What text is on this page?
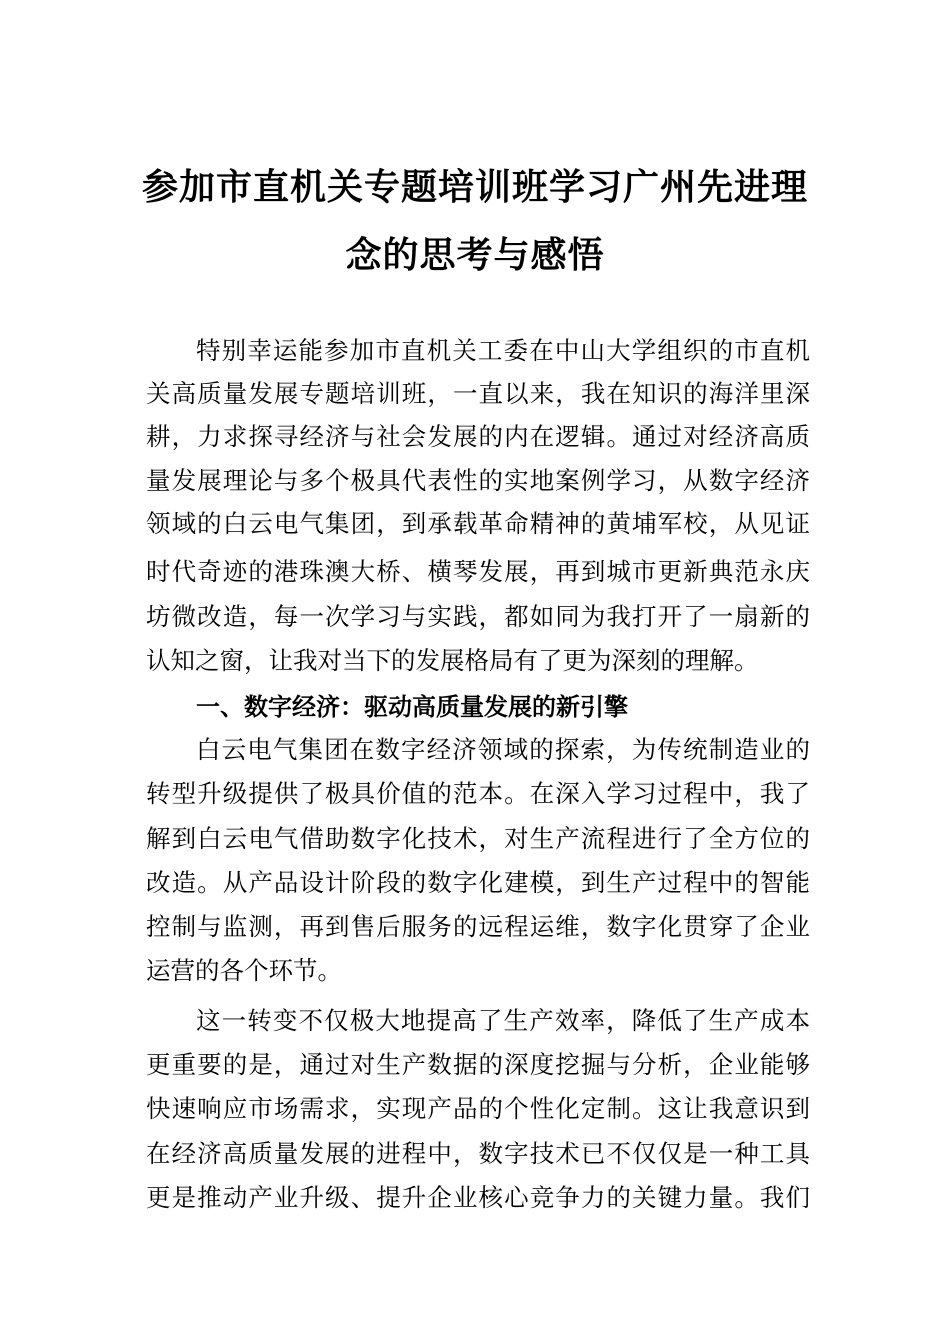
参加市直机关专题培训班学习广州先进理
念的思考与感悟
特别幸运能参加市直机关工委在中山大学组织的市直机
关高质量发展专题培训班，一直以来，我在知识的海洋里深
耕，力求探寻经济与社会发展的内在逻辑。通过对经济高质
量发展理论与多个极具代表性的实地案例学习，从数字经济
领域的白云电气集团，到承载革命精神的黄埔军校，从见证
时代奇迹的港珠澳大桥、横琴发展，再到城市更新典范永庆
坊微改造，每一次学习与实践，都如同为我打开了一扇新的
认知之窗，让我对当下的发展格局有了更为深刻的理解。
一、数字经济：驱动高质量发展的新引擎
白云电气集团在数字经济领域的探索，为传统制造业的
转型升级提供了极具价值的范本。在深入学习过程中，我了
解到白云电气借助数字化技术，对生产流程进行了全方位的
改造。从产品设计阶段的数字化建模，到生产过程中的智能
控制与监测，再到售后服务的远程运维，数字化贯穿了企业
运营的各个环节。
这一转变不仅极大地提高了生产效率，降低了生产成本
更重要的是，通过对生产数据的深度挖掘与分析，企业能够
快速响应市场需求，实现产品的个性化定制。这让我意识到
在经济高质量发展的进程中，数字技术已不仅仅是一种工具
更是推动产业升级、提升企业核心竞争力的关键力量。我们
